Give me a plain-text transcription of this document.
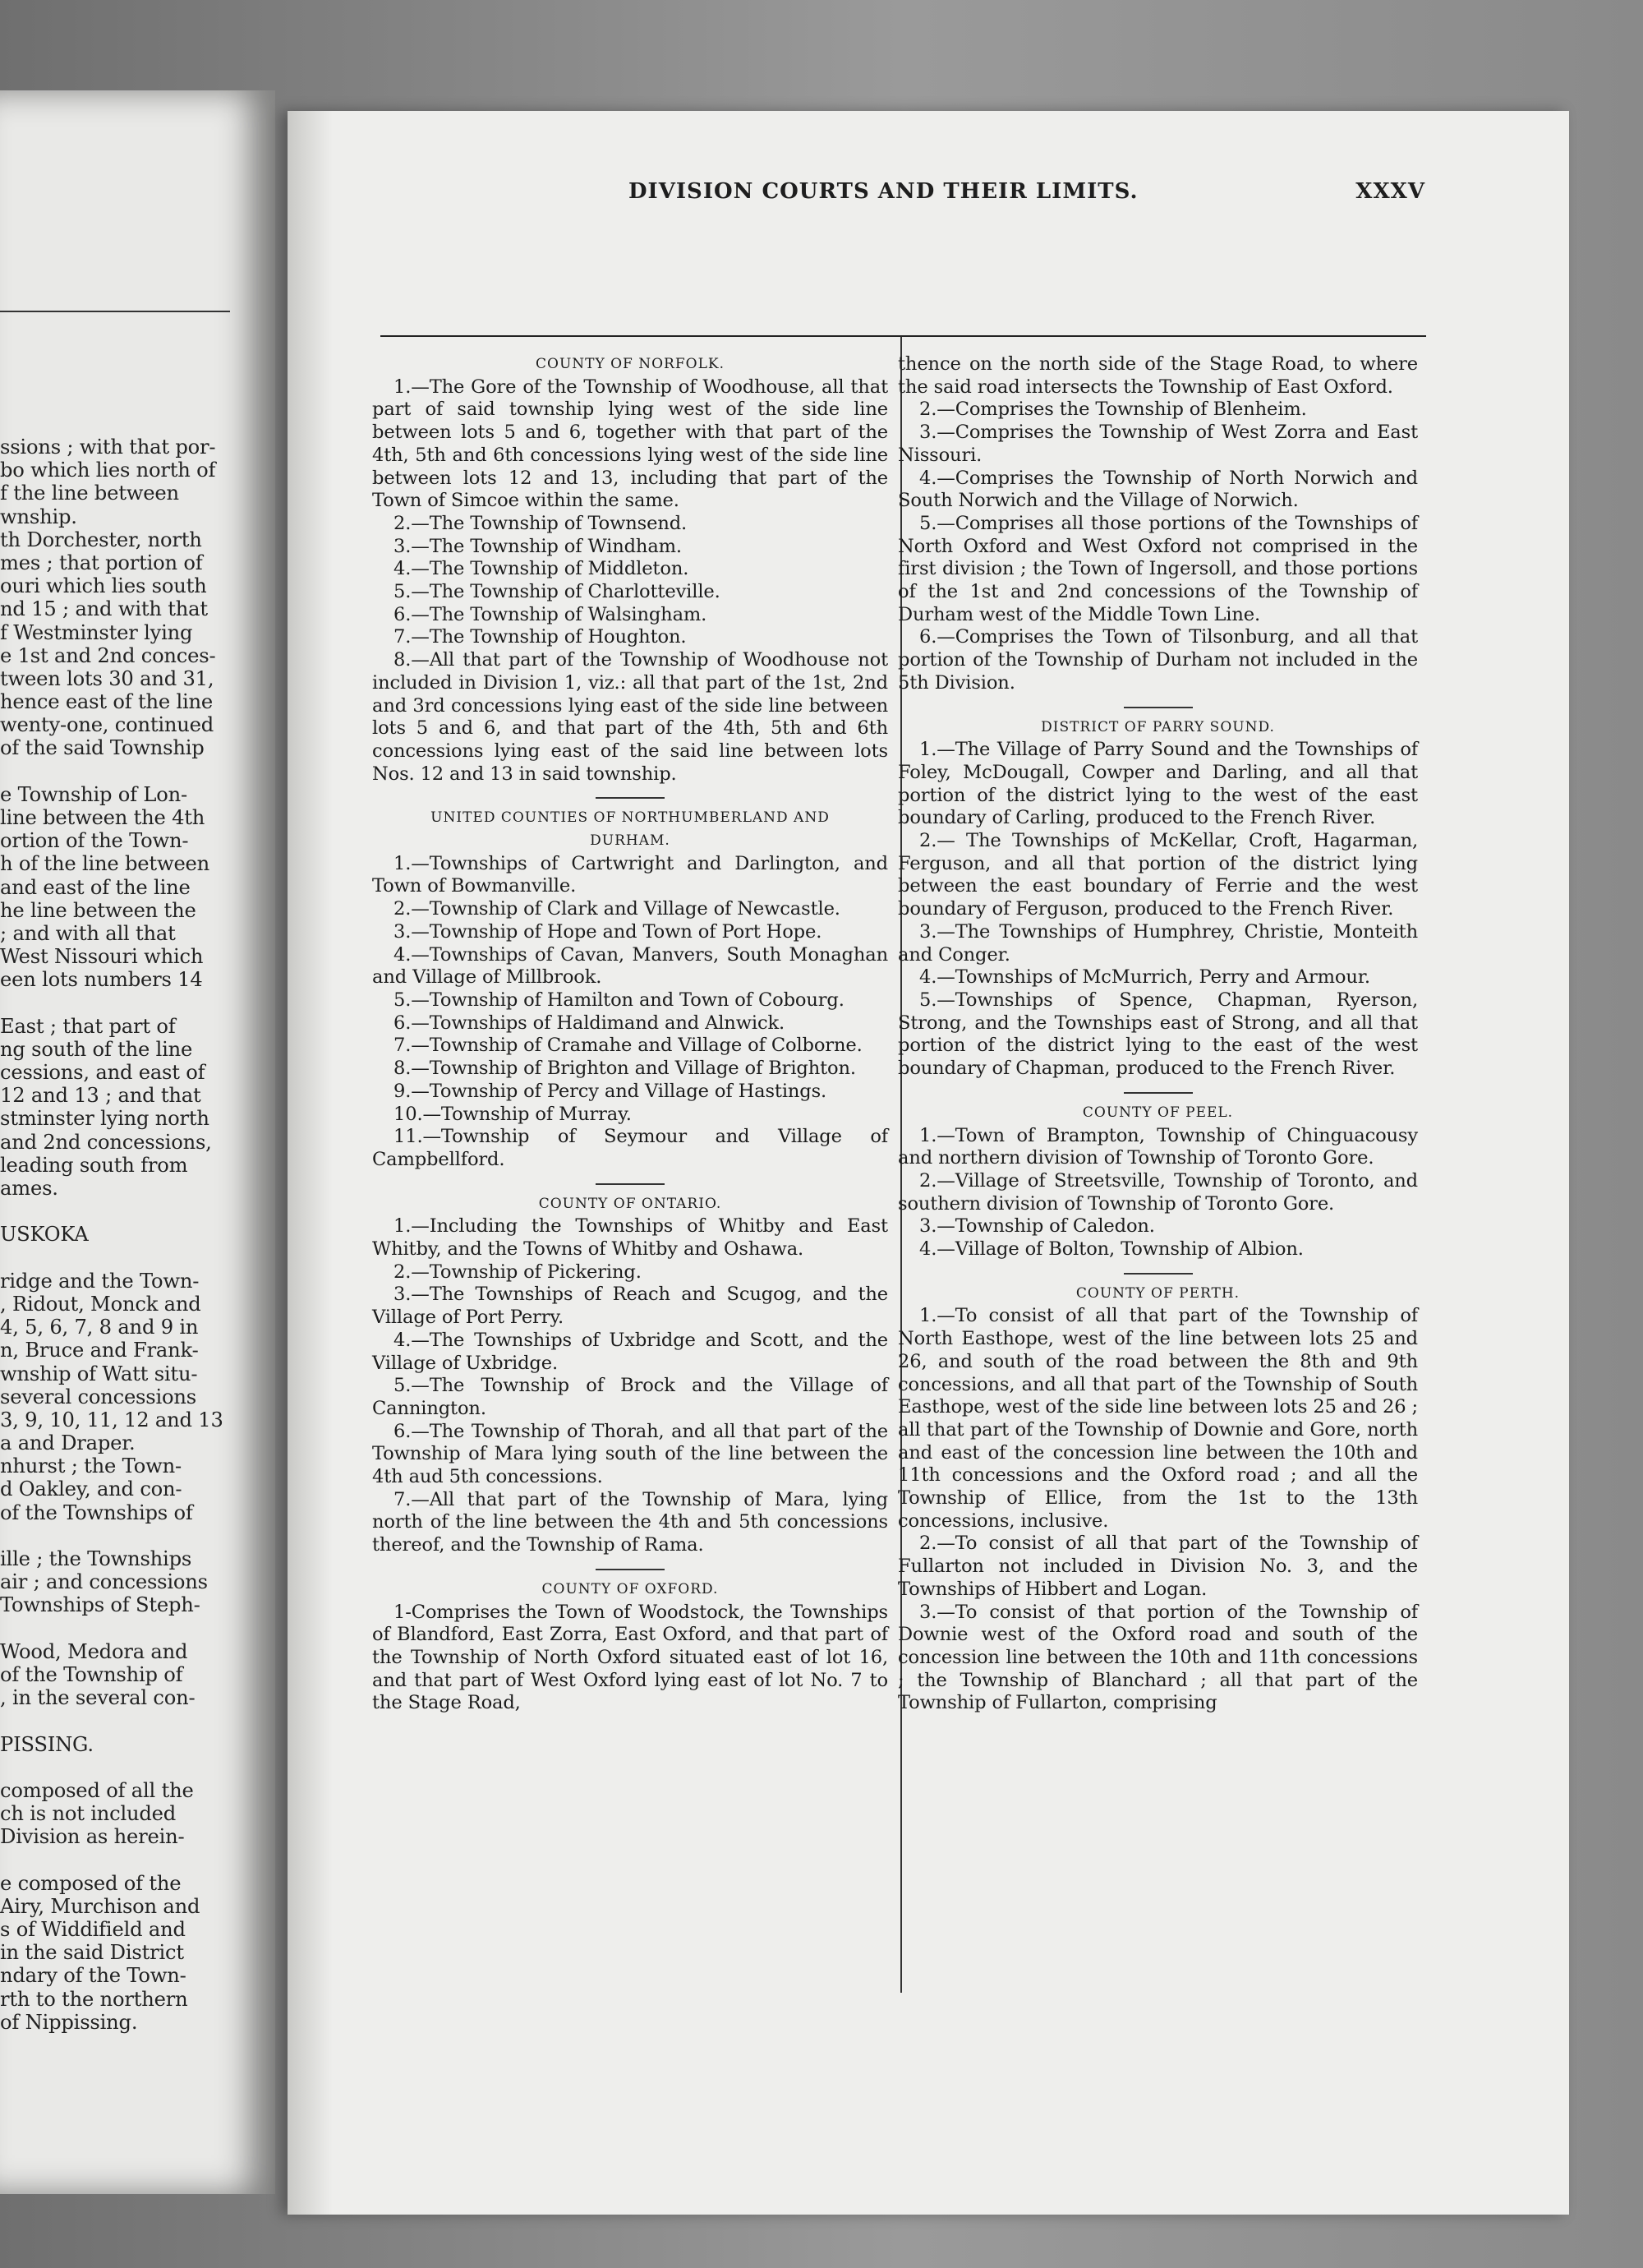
ssions ; with that por-
bo which lies north of
f the line between
wnship.
th Dorchester, north
mes ; that portion of
ouri which lies south
nd 15 ; and with that
f Westminster lying
e 1st and 2nd conces-
tween lots 30 and 31,
hence east of the line
wenty-one, continued
of the said Township
e Township of Lon-
line between the 4th
ortion of the Town-
h of the line between
and east of the line
he line between the
; and with all that
West Nissouri which
een lots numbers 14
East ; that part of
ng south of the line
cessions, and east of
12 and 13 ; and that
stminster lying north
and 2nd concessions,
leading south from
ames.
USKOKA
ridge and the Town-
, Ridout, Monck and
4, 5, 6, 7, 8 and 9 in
n, Bruce and Frank-
wnship of Watt situ-
several concessions
3, 9, 10, 11, 12 and 13
a and Draper.
nhurst ; the Town-
d Oakley, and con-
of the Townships of
ille ; the Townships
air ; and concessions
Townships of Steph-
Wood, Medora and
of the Township of
, in the several con-
PISSING.
composed of all the
ch is not included
Division as herein-
e composed of the
Airy, Murchison and
s of Widdifield and
in the said District
ndary of the Town-
rth to the northern
of Nippissing.
DIVISION COURTS AND THEIR LIMITS.	XXXV
COUNTY OF NORFOLK.
1.—The Gore of the Township of Woodhouse, all that part of said township lying west of the side line between lots 5 and 6, together with that part of the 4th, 5th and 6th concessions lying west of the side line between lots 12 and 13, including that part of the Town of Simcoe within the same.
2.—The Township of Townsend.
3.—The Township of Windham.
4.—The Township of Middleton.
5.—The Township of Charlotteville.
6.—The Township of Walsingham.
7.—The Township of Houghton.
8.—All that part of the Township of Woodhouse not included in Division 1, viz.: all that part of the 1st, 2nd and 3rd concessions lying east of the side line between lots 5 and 6, and that part of the 4th, 5th and 6th concessions lying east of the said line between lots Nos. 12 and 13 in said township.
UNITED COUNTIES OF NORTHUMBERLAND AND
DURHAM.
1.—Townships of Cartwright and Darlington, and Town of Bowmanville.
2.—Township of Clark and Village of Newcastle.
3.—Township of Hope and Town of Port Hope.
4.—Townships of Cavan, Manvers, South Monaghan and Village of Millbrook.
5.—Township of Hamilton and Town of Cobourg.
6.—Townships of Haldimand and Alnwick.
7.—Township of Cramahe and Village of Colborne.
8.—Township of Brighton and Village of Brighton.
9.—Township of Percy and Village of Hastings.
10.—Township of Murray.
11.—Township of Seymour and Village of Campbellford.
COUNTY OF ONTARIO.
1.—Including the Townships of Whitby and East Whitby, and the Towns of Whitby and Oshawa.
2.—Township of Pickering.
3.—The Townships of Reach and Scugog, and the Village of Port Perry.
4.—The Townships of Uxbridge and Scott, and the Village of Uxbridge.
5.—The Township of Brock and the Village of Cannington.
6.—The Township of Thorah, and all that part of the Township of Mara lying south of the line between the 4th aud 5th concessions.
7.—All that part of the Township of Mara, lying north of the line between the 4th and 5th concessions thereof, and the Township of Rama.
COUNTY OF OXFORD.
1-Comprises the Town of Woodstock, the Townships of Blandford, East Zorra, East Oxford, and that part of the Township of North Oxford situated east of lot 16, and that part of West Oxford lying east of lot No. 7 to the Stage Road,
thence on the north side of the Stage Road, to where the said road intersects the Township of East Oxford.
2.—Comprises the Township of Blenheim.
3.—Comprises the Township of West Zorra and East Nissouri.
4.—Comprises the Township of North Norwich and South Norwich and the Village of Norwich.
5.—Comprises all those portions of the Townships of North Oxford and West Oxford not comprised in the first division ; the Town of Ingersoll, and those portions of the 1st and 2nd concessions of the Township of Durham west of the Middle Town Line.
6.—Comprises the Town of Tilsonburg, and all that portion of the Township of Durham not included in the 5th Division.
DISTRICT OF PARRY SOUND.
1.—The Village of Parry Sound and the Townships of Foley, McDougall, Cowper and Darling, and all that portion of the district lying to the west of the east boundary of Carling, produced to the French River.
2.— The Townships of McKellar, Croft, Hagarman, Ferguson, and all that portion of the district lying between the east boundary of Ferrie and the west boundary of Ferguson, produced to the French River.
3.—The Townships of Humphrey, Christie, Monteith and Conger.
4.—Townships of McMurrich, Perry and Armour.
5.—Townships of Spence, Chapman, Ryerson, Strong, and the Townships east of Strong, and all that portion of the district lying to the east of the west boundary of Chapman, produced to the French River.
COUNTY OF PEEL.
1.—Town of Brampton, Township of Chinguacousy and northern division of Township of Toronto Gore.
2.—Village of Streetsville, Township of Toronto, and southern division of Township of Toronto Gore.
3.—Township of Caledon.
4.—Village of Bolton, Township of Albion.
COUNTY OF PERTH.
1.—To consist of all that part of the Township of North Easthope, west of the line between lots 25 and 26, and south of the road between the 8th and 9th concessions, and all that part of the Township of South Easthope, west of the side line between lots 25 and 26 ; all that part of the Township of Downie and Gore, north and east of the concession line between the 10th and 11th concessions and the Oxford road ; and all the Township of Ellice, from the 1st to the 13th concessions, inclusive.
2.—To consist of all that part of the Township of Fullarton not included in Division No. 3, and the Townships of Hibbert and Logan.
3.—To consist of that portion of the Township of Downie west of the Oxford road and south of the concession line between the 10th and 11th concessions ; the Township of Blanchard ; all that part of the Township of Fullarton, comprising
